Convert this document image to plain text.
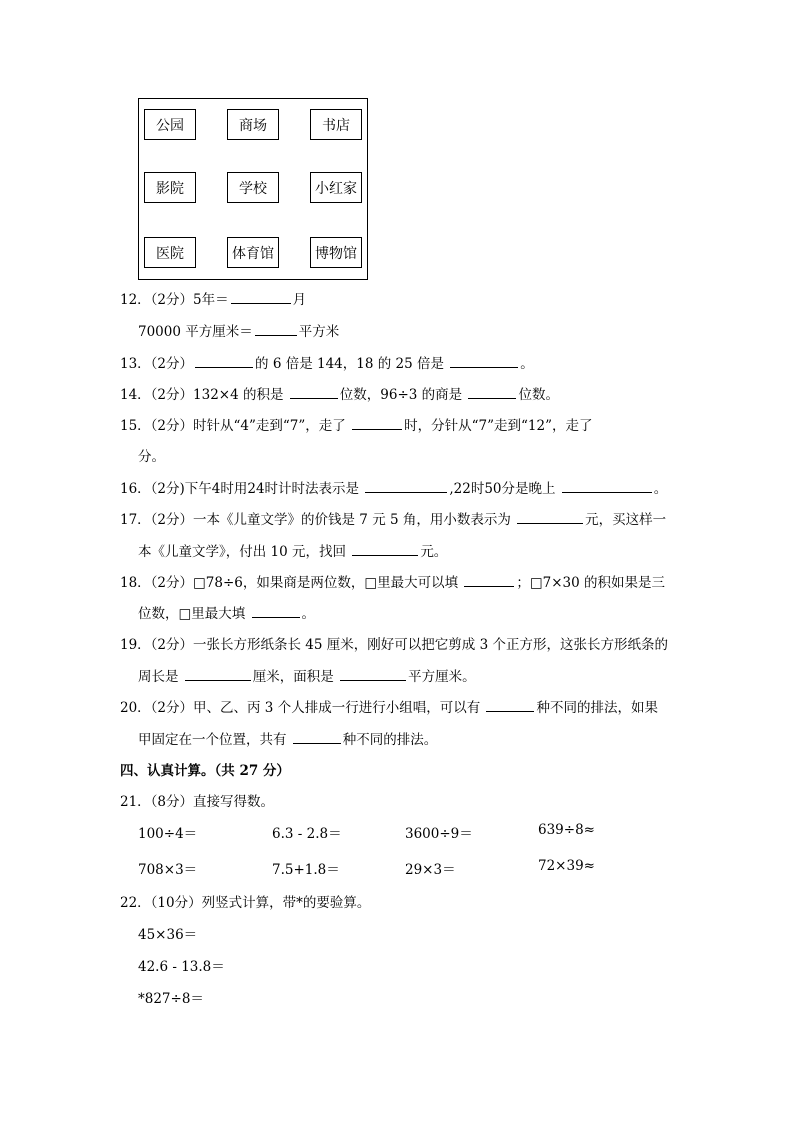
公园	商场	书店
影院	学校	小红家
医院	体育馆	博物馆
12．（2分）5年＝	月
70000 平方厘米＝	平方米
13．（2分）	的 6 倍是 144，18 的 25 倍是	。
14．（2分）132×4 的积是	位数，96÷3 的商是	位数。
15．（2分）时针从“4”走到“7”，走了	时，分针从“7”走到“12”，走了
分。
16．（2分)下午4时用24时计时法表示是	,22时50分是晚上	。
17．（2分）一本《儿童文学》的价钱是 7 元 5 角，用小数表示为	元，买这样一
本《儿童文学》，付出 10 元，找回	元。
18．（2分）□78÷6，如果商是两位数，□里最大可以填	；□7×30 的积如果是三
位数，□里最大填	。
19．（2分）一张长方形纸条长 45 厘米，刚好可以把它剪成 3 个正方形，这张长方形纸条的
周长是	厘米，面积是	平方厘米。
20．（2分）甲、乙、丙 3 个人排成一行进行小组唱，可以有	种不同的排法，如果
甲固定在一个位置，共有	种不同的排法。
四、认真计算。（共 27 分）
21．（8分）直接写得数。
100÷4＝	6.3 - 2.8＝	3600÷9＝	639÷8≈
708×3＝	7.5+1.8＝	29×3＝	72×39≈
22．（10分）列竖式计算，带*的要验算。
45×36＝
42.6 - 13.8＝
*827÷8＝
